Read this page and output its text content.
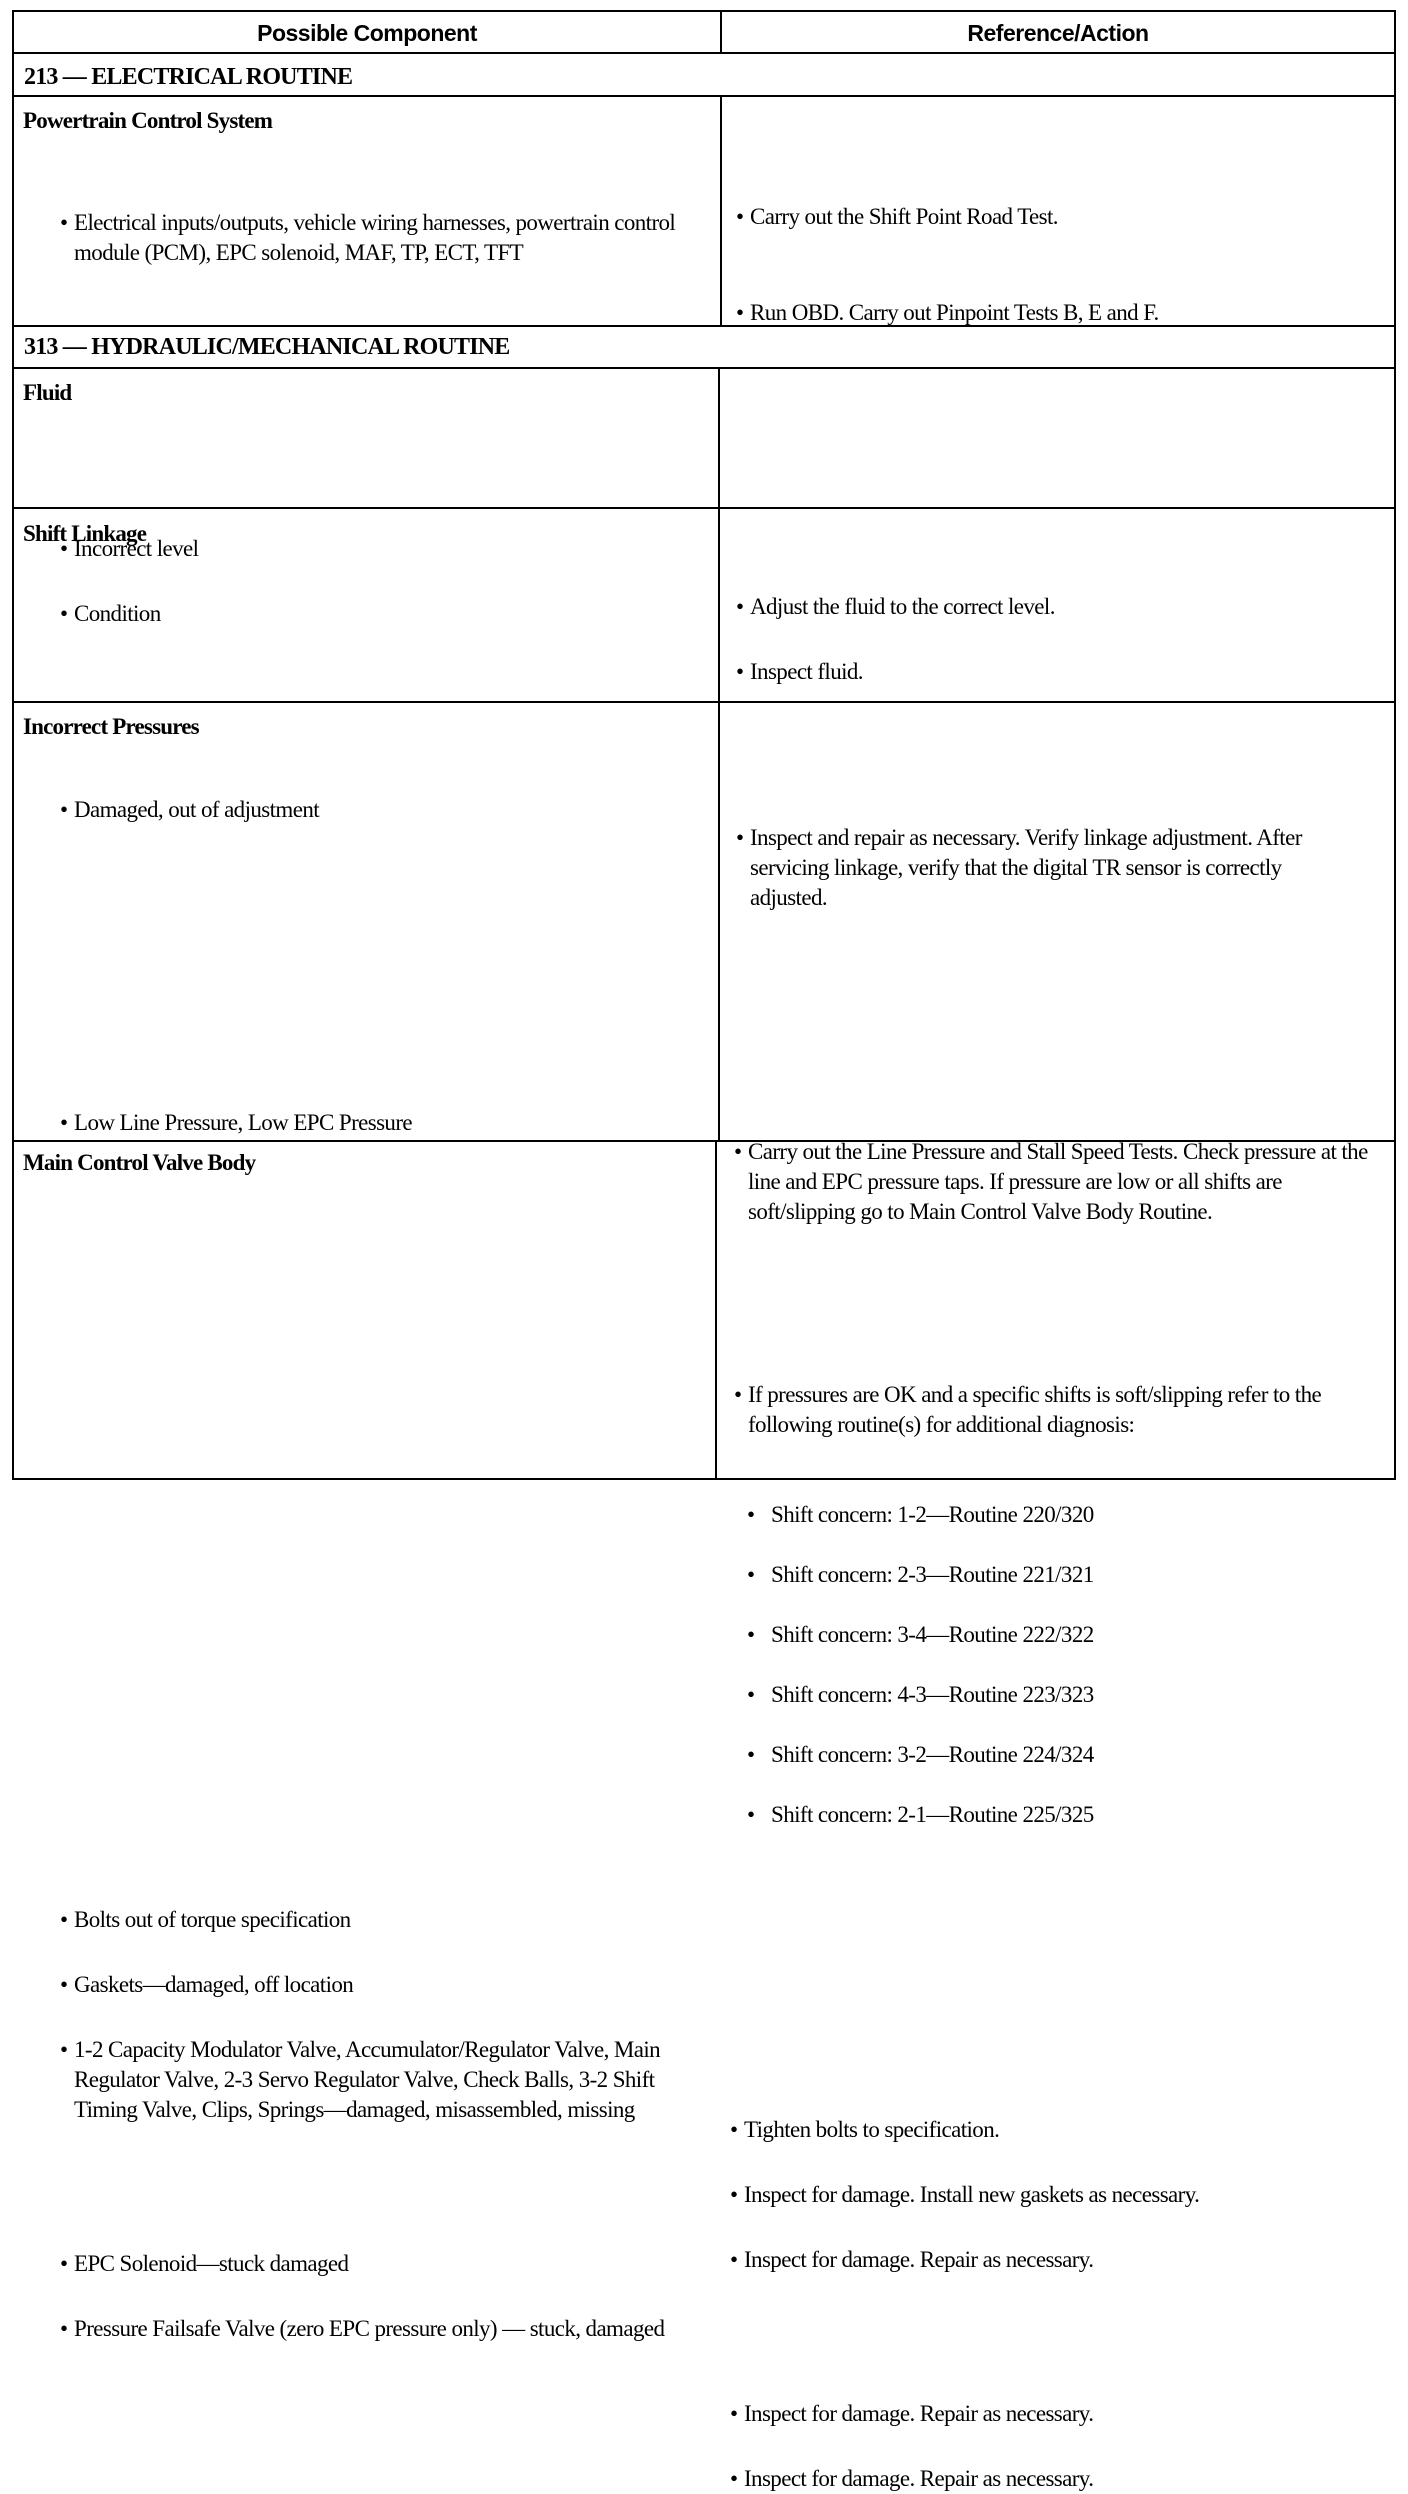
Possible Component	Reference/Action
213 — ELECTRICAL ROUTINE
Powertrain Control System
• Electrical inputs/outputs, vehicle wiring harnesses, powertrain control module (PCM), EPC solenoid, MAF, TP, ECT, TFT
• Carry out the Shift Point Road Test.
• Run OBD. Carry out Pinpoint Tests B, E and F.
313 — HYDRAULIC/MECHANICAL ROUTINE
Fluid
• Incorrect level
• Condition
•	Adjust the fluid to the correct level.
• Inspect fluid.
Shift Linkage
• Damaged, out of adjustment
• Inspect and repair as necessary. Verify linkage adjustment. After servicing linkage, verify that the digital TR sensor is correctly adjusted.
Incorrect Pressures
• Low Line Pressure, Low EPC Pressure
• Carry out the Line Pressure and Stall Speed Tests. Check pressure at the line and EPC pressure taps. If pressure are low or all shifts are soft/slipping go to Main Control Valve Body Routine.
• If pressures are OK and a specific shifts is soft/slipping refer to the following routine(s) for additional diagnosis:
• Shift concern: 1-2—Routine 220/320
• Shift concern: 2-3—Routine 221/321
• Shift concern: 3-4—Routine 222/322
• Shift concern: 4-3—Routine 223/323
• Shift concern: 3-2—Routine 224/324
• Shift concern: 2-1—Routine 225/325
Main Control Valve Body
• Bolts out of torque specification
• Gaskets—damaged, off location
• 1-2 Capacity Modulator Valve, Accumulator/Regulator Valve, Main Regulator Valve, 2-3 Servo Regulator Valve, Check Balls, 3-2 Shift Timing Valve, Clips, Springs—damaged, misassembled, missing
• EPC Solenoid—stuck damaged
• Pressure Failsafe Valve (zero EPC pressure only) — stuck, damaged
• Tighten bolts to specification.
• Inspect for damage. Install new gaskets as necessary.
• Inspect for damage. Repair as necessary.
• Inspect for damage. Repair as necessary.
• Inspect for damage. Repair as necessary.
